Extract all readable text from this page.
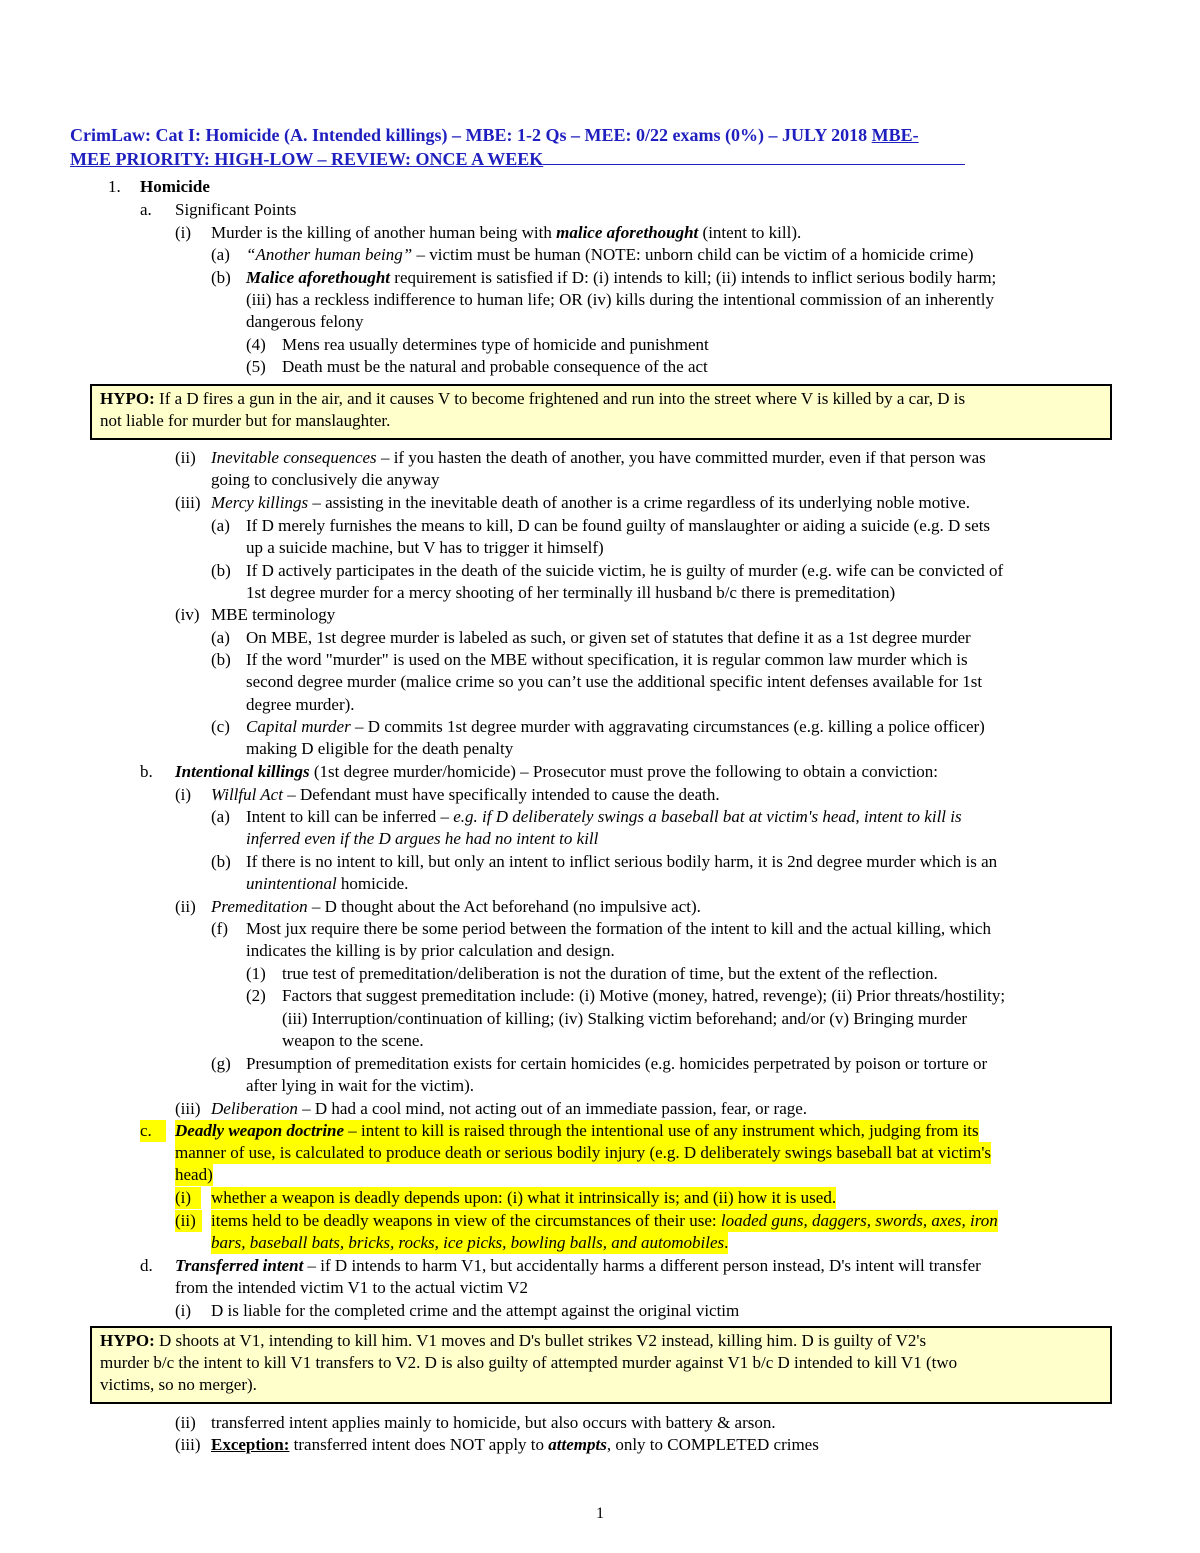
CrimLaw: Cat I: Homicide (A. Intended killings) – MBE: 1-2 Qs – MEE: 0/22 exams (0%) – JULY 2018 MBE-
MEE PRIORITY: HIGH-LOW – REVIEW: ONCE A WEEK
1. Homicide
a. Significant Points
(i) Murder is the killing of another human being with malice aforethought (intent to kill).
(a) “Another human being” – victim must be human (NOTE: unborn child can be victim of a homicide crime)
(b) Malice aforethought requirement is satisfied if D: (i) intends to kill; (ii) intends to inflict serious bodily harm;
(iii) has a reckless indifference to human life; OR (iv) kills during the intentional commission of an inherently
dangerous felony
(4) Mens rea usually determines type of homicide and punishment
(5) Death must be the natural and probable consequence of the act
HYPO: If a D fires a gun in the air, and it causes V to become frightened and run into the street where V is killed by a car, D is
not liable for murder but for manslaughter.
(ii) Inevitable consequences – if you hasten the death of another, you have committed murder, even if that person was
going to conclusively die anyway
(iii) Mercy killings – assisting in the inevitable death of another is a crime regardless of its underlying noble motive.
(a) If D merely furnishes the means to kill, D can be found guilty of manslaughter or aiding a suicide (e.g. D sets
up a suicide machine, but V has to trigger it himself)
(b) If D actively participates in the death of the suicide victim, he is guilty of murder (e.g. wife can be convicted of
1st degree murder for a mercy shooting of her terminally ill husband b/c there is premeditation)
(iv) MBE terminology
(a) On MBE, 1st degree murder is labeled as such, or given set of statutes that define it as a 1st degree murder
(b) If the word "murder" is used on the MBE without specification, it is regular common law murder which is
second degree murder (malice crime so you can’t use the additional specific intent defenses available for 1st
degree murder).
(c) Capital murder – D commits 1st degree murder with aggravating circumstances (e.g. killing a police officer)
making D eligible for the death penalty
b. Intentional killings (1st degree murder/homicide) – Prosecutor must prove the following to obtain a conviction:
(i) Willful Act – Defendant must have specifically intended to cause the death.
(a) Intent to kill can be inferred – e.g. if D deliberately swings a baseball bat at victim's head, intent to kill is
inferred even if the D argues he had no intent to kill
(b) If there is no intent to kill, but only an intent to inflict serious bodily harm, it is 2nd degree murder which is an
unintentional homicide.
(ii) Premeditation – D thought about the Act beforehand (no impulsive act).
(f) Most jux require there be some period between the formation of the intent to kill and the actual killing, which
indicates the killing is by prior calculation and design.
(1) true test of premeditation/deliberation is not the duration of time, but the extent of the reflection.
(2) Factors that suggest premeditation include: (i) Motive (money, hatred, revenge); (ii) Prior threats/hostility;
(iii) Interruption/continuation of killing; (iv) Stalking victim beforehand; and/or (v) Bringing murder
weapon to the scene.
(g) Presumption of premeditation exists for certain homicides (e.g. homicides perpetrated by poison or torture or
after lying in wait for the victim).
(iii) Deliberation – D had a cool mind, not acting out of an immediate passion, fear, or rage.
c.	Deadly weapon doctrine – intent to kill is raised through the intentional use of any instrument which, judging from its
manner of use, is calculated to produce death or serious bodily injury (e.g. D deliberately swings baseball bat at victim's
head)
(i)	whether a weapon is deadly depends upon: (i) what it intrinsically is; and (ii) how it is used.
(ii) items held to be deadly weapons in view of the circumstances of their use: loaded guns, daggers, swords, axes, iron
bars, baseball bats, bricks, rocks, ice picks, bowling balls, and automobiles.
d. Transferred intent – if D intends to harm V1, but accidentally harms a different person instead, D's intent will transfer
from the intended victim V1 to the actual victim V2
(i) D is liable for the completed crime and the attempt against the original victim
HYPO: D shoots at V1, intending to kill him. V1 moves and D's bullet strikes V2 instead, killing him. D is guilty of V2's
murder b/c the intent to kill V1 transfers to V2. D is also guilty of attempted murder against V1 b/c D intended to kill V1 (two
victims, so no merger).
(ii) transferred intent applies mainly to homicide, but also occurs with battery & arson.
(iii) Exception: transferred intent does NOT apply to attempts, only to COMPLETED crimes
1
